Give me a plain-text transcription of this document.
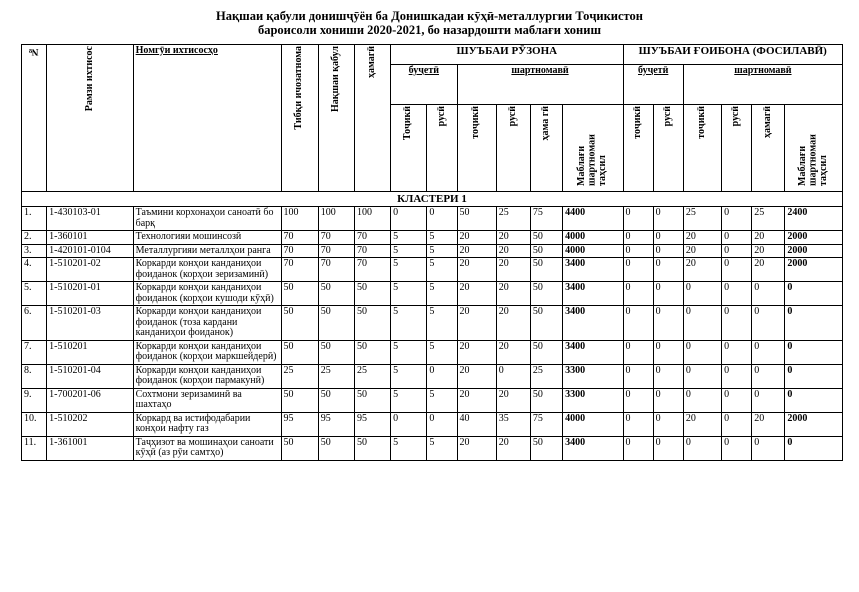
Нақшаи қабули донишҷӯён ба Донишкадаи кӯҳӣ-металлургии Тоҷикистон
бароисоли хониши 2020-2021, бо назардошти маблағи хониш
№	Рамзи ихтисос	Номгӯи ихтисосҳо	Тибқи ичозатнома	Нақшаи қабул	ҳамагӣ	ШУЪБАИ РӮЗОНА						ШУЪБАИ ҒОИБОНА (ФОСИЛАВӢ)					
						буҷетӣ		шартномавӣ				буҷетӣ		шартномавӣ			
						Тоҷикӣ	русӣ	тоҷикӣ	русӣ	ҳама гӣ	Маблағи шартномаи таҳсил	тоҷикӣ	русӣ	тоҷикӣ	русӣ	ҳамагӣ	Маблағи шартномаи таҳсил
КЛАСТЕРИ 1																	
1.	1-430103-01	Таъмини корхонаҳои саноатӣ бо барқ	100	100	100	0	0	50	25	75	4400	0	0	25	0	25	2400
2.	1-360101	Технологияи мошинсозӣ	70	70	70	5	5	20	20	50	4000	0	0	20	0	20	2000
3.	1-420101-0104	Металлургияи металлҳои ранга	70	70	70	5	5	20	20	50	4000	0	0	20	0	20	2000
4.	1-510201-02	Коркарди конҳои канданиҳои фоиданок (корҳои зеризаминӣ)	70	70	70	5	5	20	20	50	3400	0	0	20	0	20	2000
5.	1-510201-01	Коркарди конҳои канданиҳои фоиданок (корҳои кушоди кӯҳӣ)	50	50	50	5	5	20	20	50	3400	0	0	0	0	0	0
6.	1-510201-03	Коркарди конҳои канданиҳои фоиданок (тоза кардани канданиҳои фоиданок)	50	50	50	5	5	20	20	50	3400	0	0	0	0	0	0
7.	1-510201	Коркарди конҳои канданиҳои фоиданок (корҳои маркшейдерӣ)	50	50	50	5	5	20	20	50	3400	0	0	0	0	0	0
8.	1-510201-04	Коркарди конҳои канданиҳои фоиданок (корҳои пармакунӣ)	25	25	25	5	0	20	0	25	3300	0	0	0	0	0	0
9.	1-700201-06	Сохтмони зеризаминӣ ва шахтаҳо	50	50	50	5	5	20	20	50	3300	0	0	0	0	0	0
10.	1-510202	Коркард ва истифодабарии конҳои нафту газ	95	95	95	0	0	40	35	75	4000	0	0	20	0	20	2000
11.	1-361001	Таҷҳизот ва мошинаҳои саноати кӯҳӣ (аз рӯи самтҳо)	50	50	50	5	5	20	20	50	3400	0	0	0	0	0	0
